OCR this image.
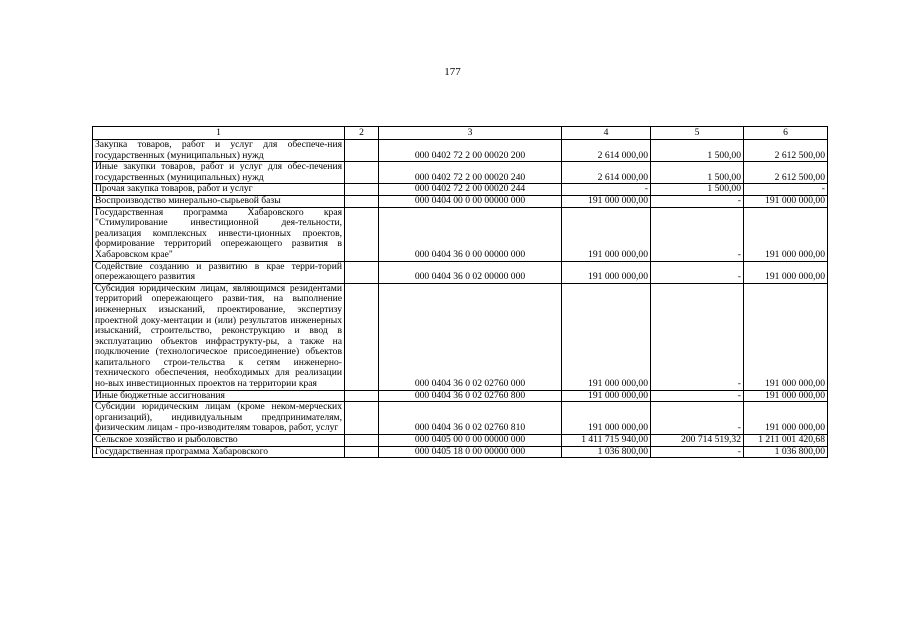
177
1	2	3	4	5	6
Закупка товаров, работ и услуг для обеспече-ния государственных (муниципальных) нужд		000 0402 72 2 00 00020 200	2 614 000,00	1 500,00	2 612 500,00
Иные закупки товаров, работ и услуг для обес-печения государственных (муниципальных) нужд		000 0402 72 2 00 00020 240	2 614 000,00	1 500,00	2 612 500,00
Прочая закупка товаров, работ и услуг		000 0402 72 2 00 00020 244	-	1 500,00	-
Воспроизводство минерально-сырьевой базы		000 0404 00 0 00 00000 000	191 000 000,00	-	191 000 000,00
Государственная программа Хабаровского края "Стимулирование инвестиционной дея-тельности, реализация комплексных инвести-ционных проектов, формирование территорий опережающего развития в Хабаровском крае"		000 0404 36 0 00 00000 000	191 000 000,00	-	191 000 000,00
Содействие созданию и развитию в крае терри-торий опережающего развития		000 0404 36 0 02 00000 000	191 000 000,00	-	191 000 000,00
Субсидия юридическим лицам, являющимся резидентами территорий опережающего разви-тия, на выполнение инженерных изысканий, проектирование, экспертизу проектной доку-ментации и (или) результатов инженерных изысканий, строительство, реконструкцию и ввод в эксплуатацию объектов инфраструкту-ры, а также на подключение (технологическое присоединение) объектов капитального строи-тельства к сетям инженерно-технического обеспечения, необходимых для реализации но-вых инвестиционных проектов на территории края		000 0404 36 0 02 02760 000	191 000 000,00	-	191 000 000,00
Иные бюджетные ассигнования		000 0404 36 0 02 02760 800	191 000 000,00	-	191 000 000,00
Субсидии юридическим лицам (кроме неком-мерческих организаций), индивидуальным предпринимателям, физическим лицам - про-изводителям товаров, работ, услуг		000 0404 36 0 02 02760 810	191 000 000,00	-	191 000 000,00
Сельское хозяйство и рыболовство		000 0405 00 0 00 00000 000	1 411 715 940,00	200 714 519,32	1 211 001 420,68
Государственная программа Хабаровского		000 0405 18 0 00 00000 000	1 036 800,00	-	1 036 800,00
